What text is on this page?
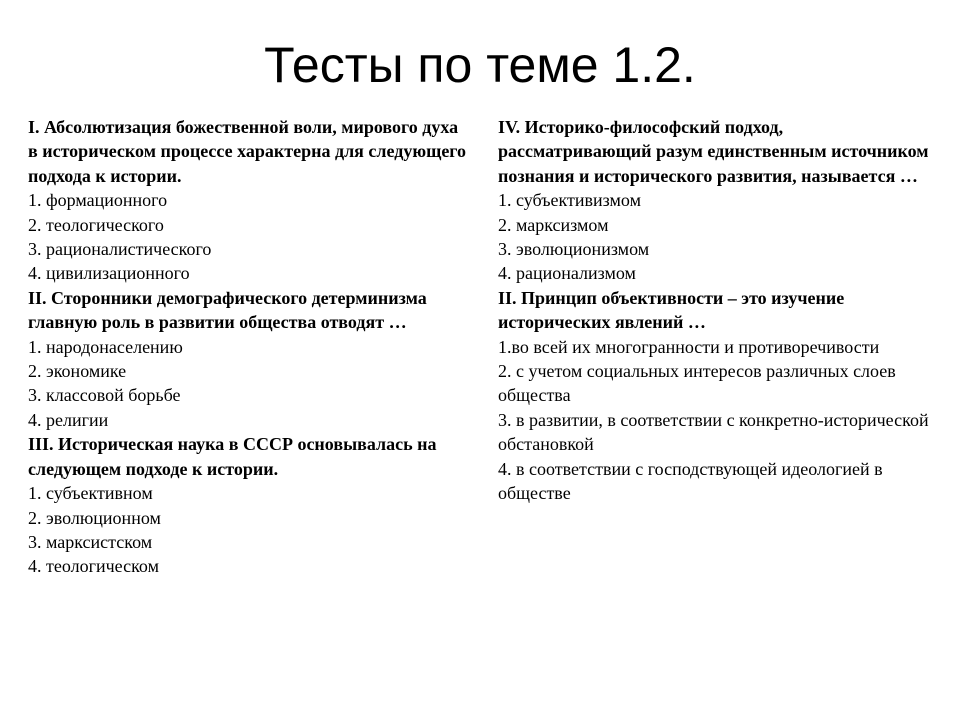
Тесты по теме 1.2.

I. Абсолютизация божественной воли, мирового духа в историческом процессе характерна для следующего подхода к истории.

1. формационного

2. теологического

3. рационалистического

4. цивилизационного

II. Сторонники демографического детерминизма главную роль в развитии общества отводят …

1. народонаселению

2. экономике

3. классовой борьбе

4. религии

III. Историческая наука в СССР основывалась на следующем подходе к истории.

1. субъективном

2. эволюционном

3. марксистском

4. теологическом

IV. Историко-философский подход, рассматривающий разум единственным источником познания и исторического развития, называется …

1. субъективизмом

2. марксизмом

3. эволюционизмом

4. рационализмом

II. Принцип объективности – это изучение исторических явлений …

1.во всей их многогранности и противоречивости

2. с учетом социальных интересов различных слоев общества

3. в развитии, в соответствии с конкретно-исторической обстановкой

4. в соответствии с господствующей идеологией в обществе
